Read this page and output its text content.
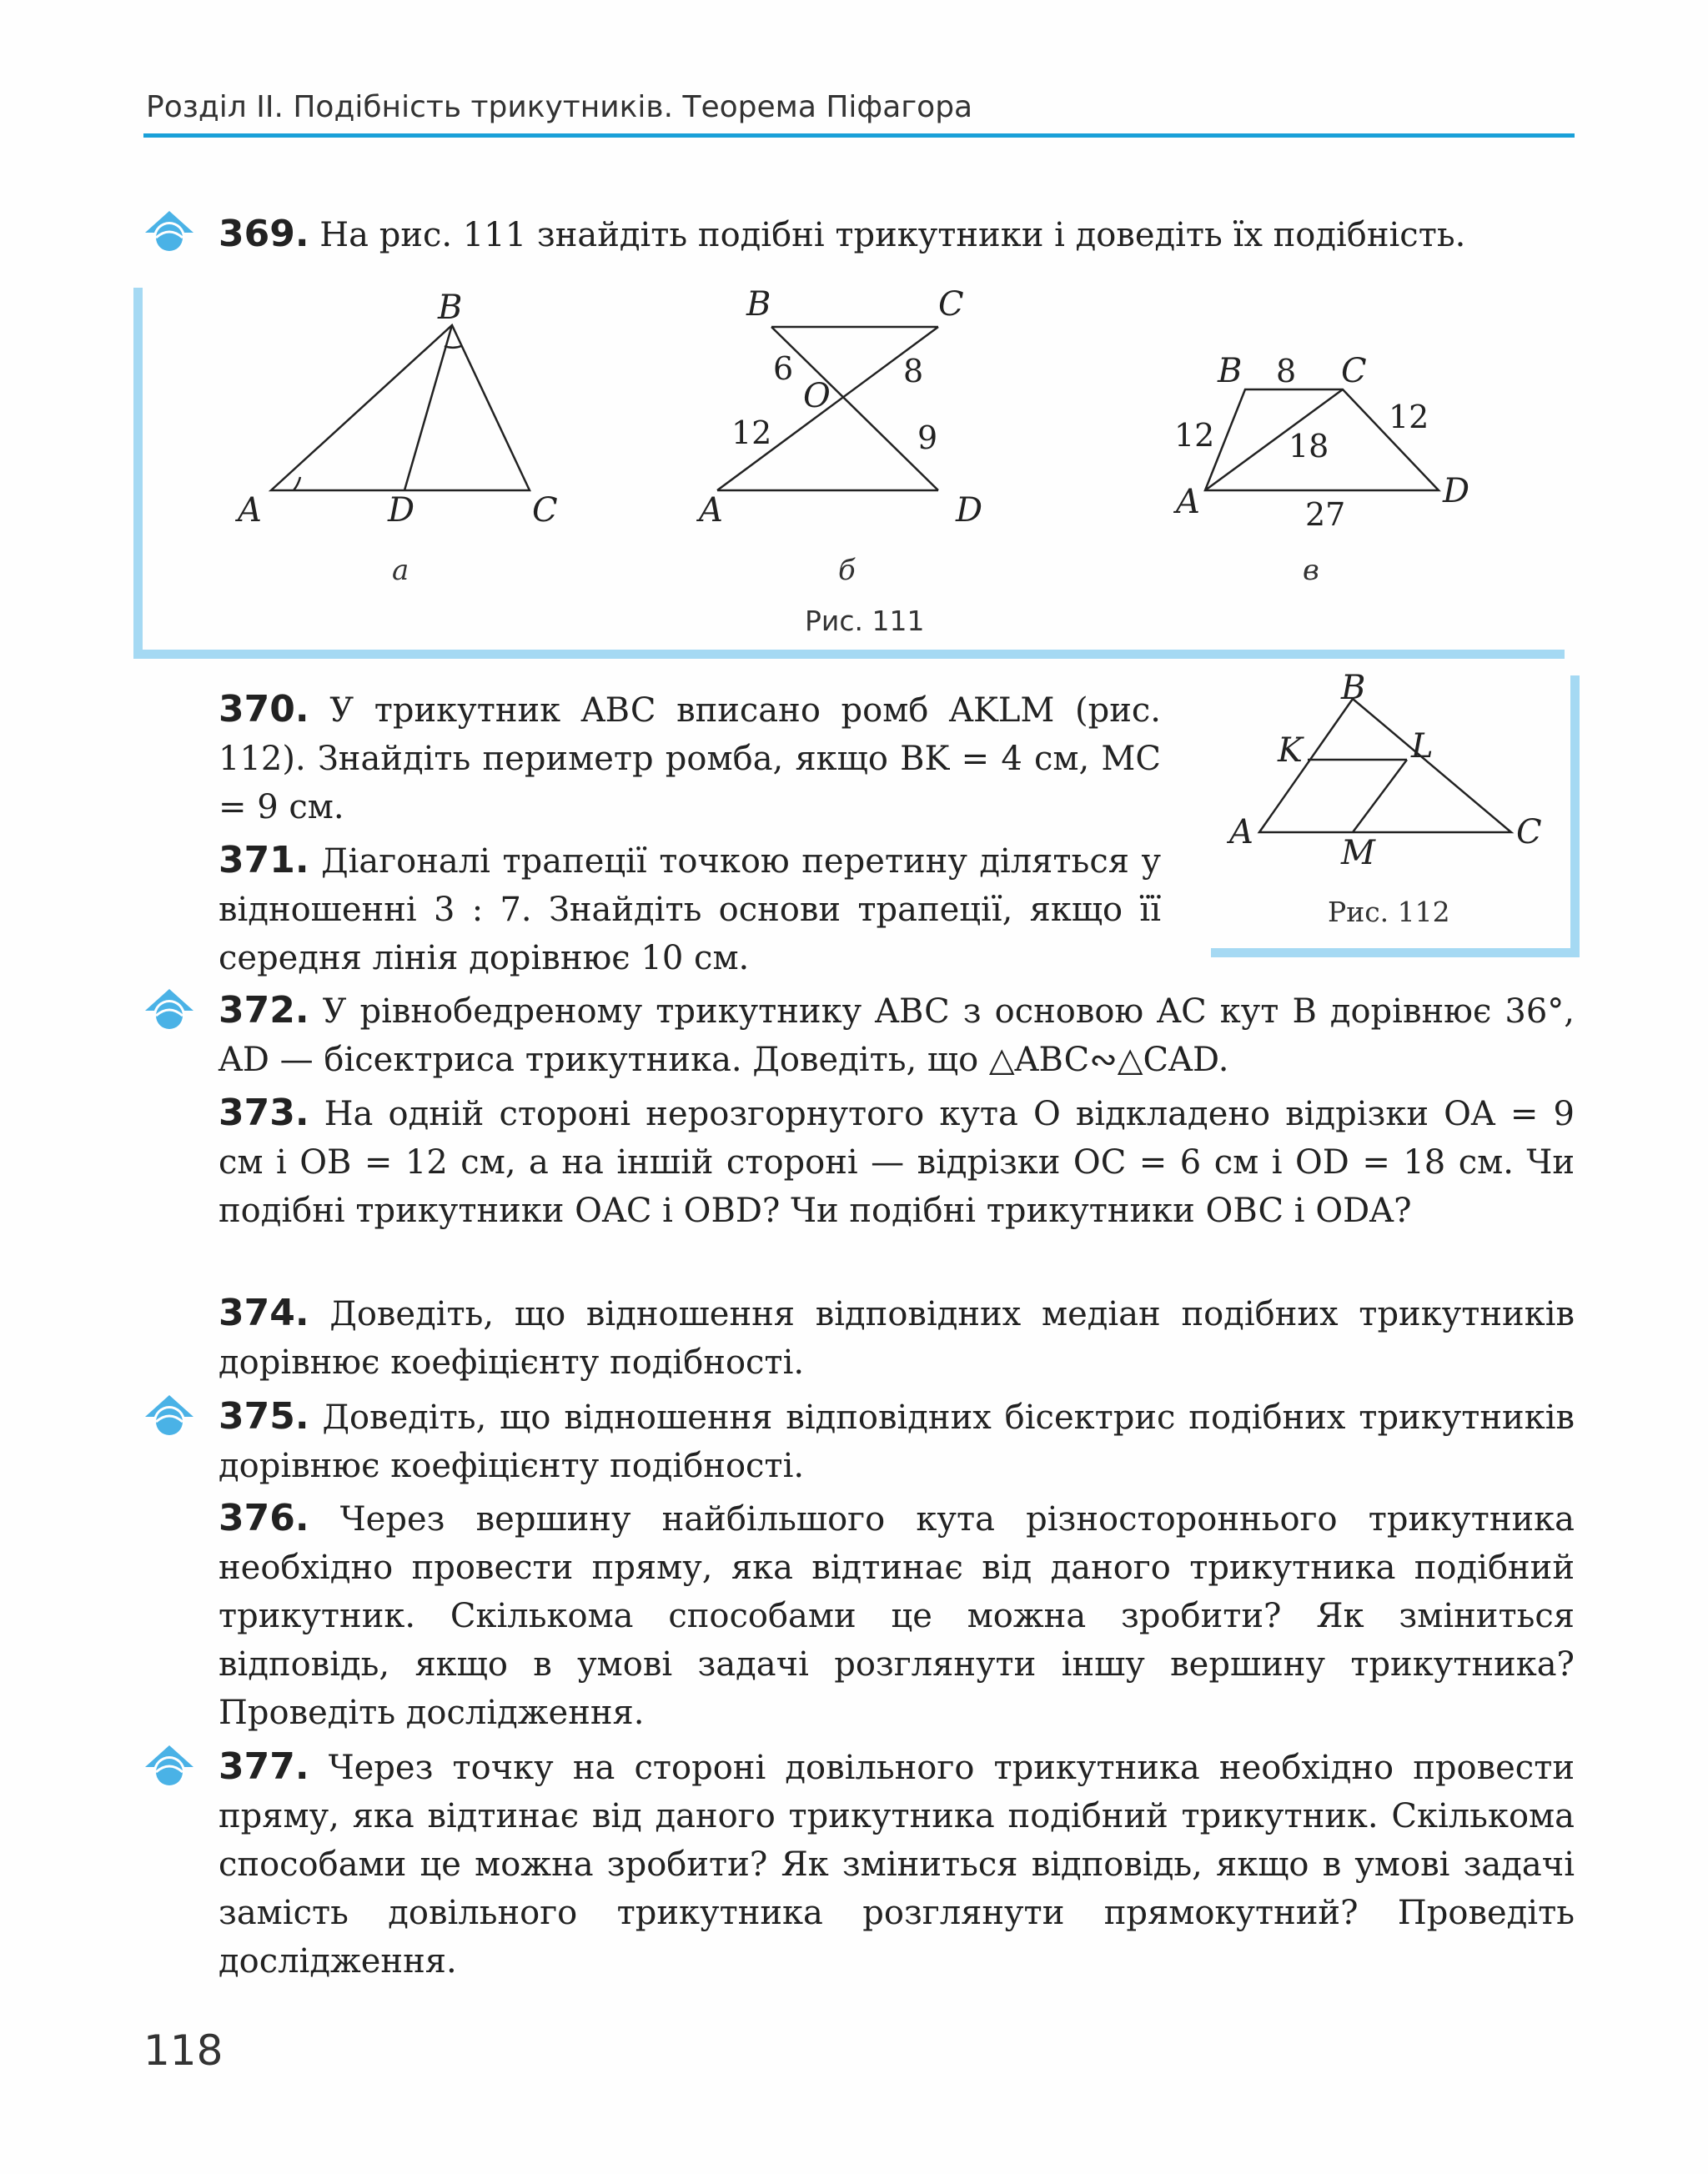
Розділ II. Подібність трикутників. Теорема Піфагора
369. На рис. 111 знайдіть подібні трикутники і доведіть їх подібність.
B
A	D	C
а
B	C
O
A	D
6	8
12	9
б
B	C
A	D
8
12	12
18
27
в
Рис. 111
370. У трикутник ABC вписано ромб AKLM (рис. 112). Знайдіть периметр ромба, якщо BK = 4 см, MC = 9 см.
371. Діагоналі трапеції точкою перетину діляться у відношенні 3 : 7. Знайдіть основи трапеції, якщо її середня лінія дорівнює 10 см.
B
K	L
A
M
C
Рис. 112
372. У рівнобедреному трикутнику ABC з основою AC кут B дорівнює 36°, AD — бісектриса трикутника. Доведіть, що △ABC∾△CAD.
373. На одній стороні нерозгорнутого кута O відкладено відрізки OA = 9 см і OB = 12 см, а на іншій стороні — відрізки OC = 6 см і OD = 18 см. Чи подібні трикутники OAC і OBD? Чи подібні трикутники OBC і ODA?
374. Доведіть, що відношення відповідних медіан подібних трикутників дорівнює коефіцієнту подібності.
375. Доведіть, що відношення відповідних бісектрис подібних трикутників дорівнює коефіцієнту подібності.
376. Через вершину найбільшого кута різностороннього трикутника необхідно провести пряму, яка відтинає від даного трикутника подібний трикутник. Скількома способами це можна зробити? Як зміниться відповідь, якщо в умові задачі розглянути іншу вершину трикутника? Проведіть дослідження.
377. Через точку на стороні довільного трикутника необхідно провести пряму, яка відтинає від даного трикутника подібний трикутник. Скількома способами це можна зробити? Як зміниться відповідь, якщо в умові задачі замість довільного трикутника розглянути прямокутний? Проведіть дослідження.
118
